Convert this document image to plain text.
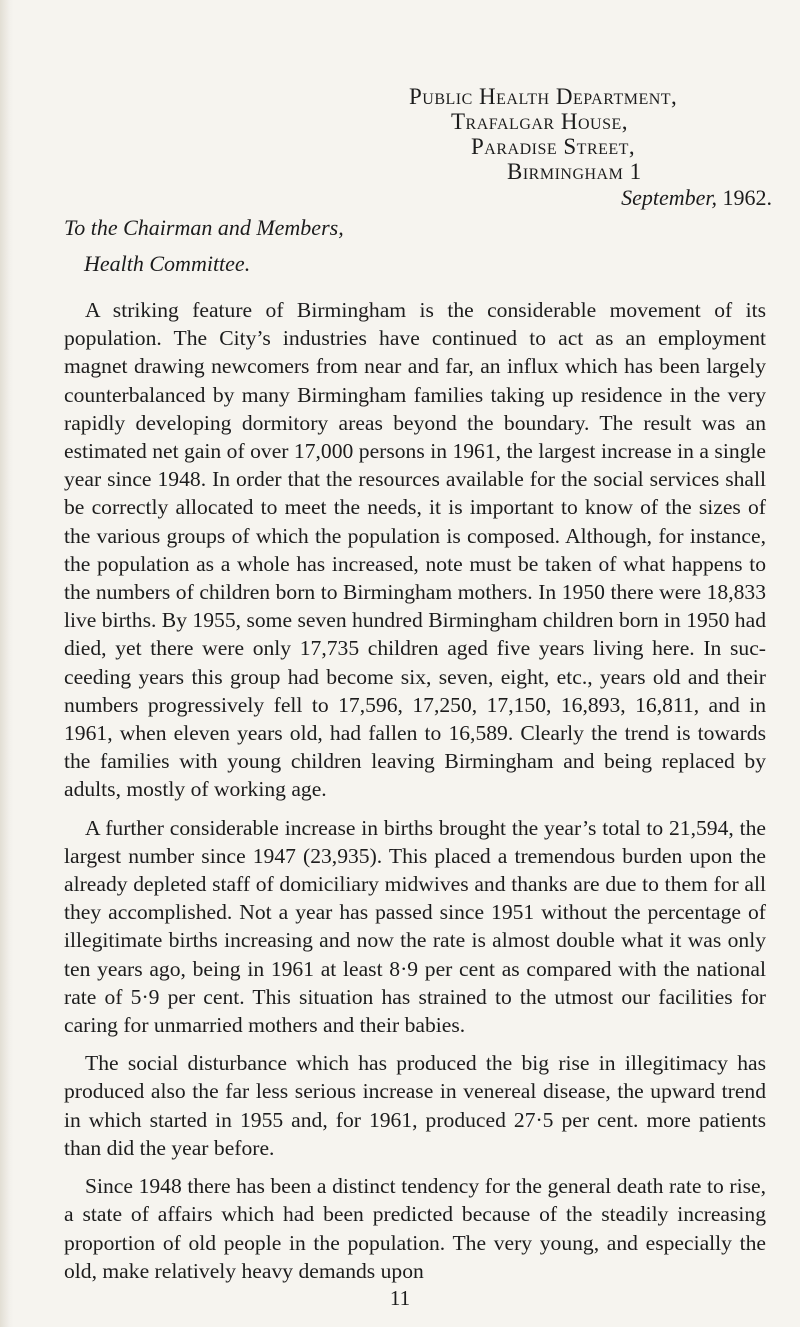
Public Health Department,
Trafalgar House,
Paradise Street,
Birmingham 1
September, 1962.
To the Chairman and Members,
Health Committee.

A striking feature of Birmingham is the considerable movement of its population. The City’s industries have continued to act as an employment magnet drawing newcomers from near and far, an influx which has been largely counterbalanced by many Birmingham families taking up residence in the very rapidly developing dormitory areas beyond the boundary. The result was an estimated net gain of over 17,000 persons in 1961, the largest increase in a single year since 1948. In order that the resources available for the social services shall be correctly allocated to meet the needs, it is important to know of the sizes of the various groups of which the population is composed. Although, for instance, the population as a whole has increased, note must be taken of what happens to the numbers of children born to Birmingham mothers. In 1950 there were 18,833 live births. By 1955, some seven hundred Birmingham children born in 1950 had died, yet there were only 17,735 children aged five years living here. In succeeding years this group had become six, seven, eight, etc., years old and their numbers progressively fell to 17,596, 17,250, 17,150, 16,893, 16,811, and in 1961, when eleven years old, had fallen to 16,589. Clearly the trend is towards the families with young children leaving Birmingham and being replaced by adults, mostly of working age.

A further considerable increase in births brought the year’s total to 21,594, the largest number since 1947 (23,935). This placed a tremendous burden upon the already depleted staff of domiciliary midwives and thanks are due to them for all they accomplished. Not a year has passed since 1951 without the percentage of illegitimate births increasing and now the rate is almost double what it was only ten years ago, being in 1961 at least 8·9 per cent as compared with the national rate of 5·9 per cent. This situation has strained to the utmost our facilities for caring for unmarried mothers and their babies.

The social disturbance which has produced the big rise in illegitimacy has produced also the far less serious increase in venereal disease, the upward trend in which started in 1955 and, for 1961, produced 27·5 per cent. more patients than did the year before.

Since 1948 there has been a distinct tendency for the general death rate to rise, a state of affairs which had been predicted because of the steadily increasing proportion of old people in the population. The very young, and especially the old, make relatively heavy demands upon

11
